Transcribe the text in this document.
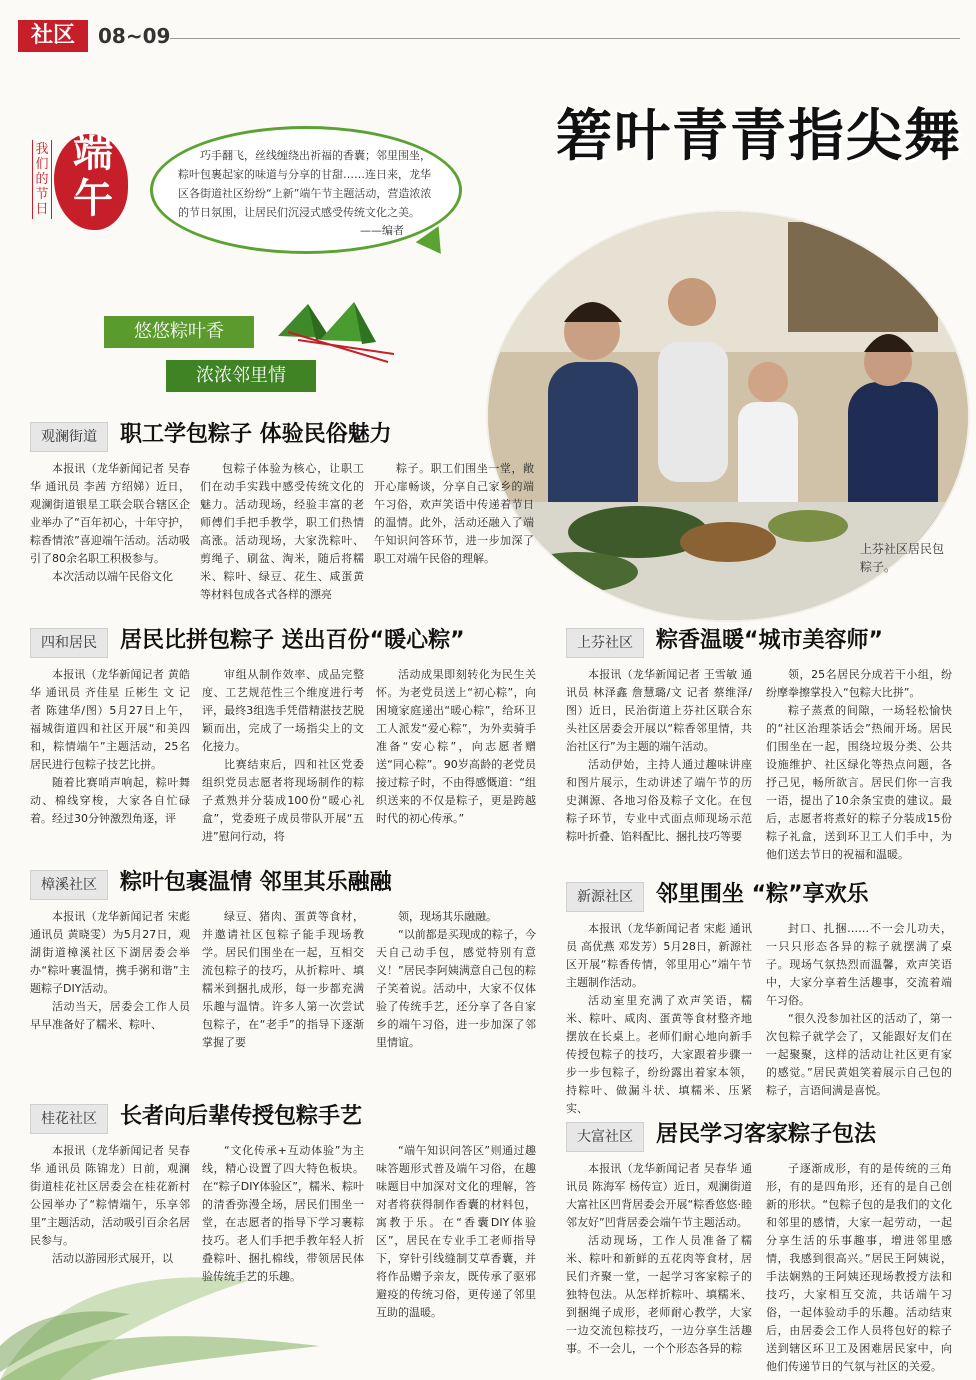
社区	08~09
箬叶青青指尖舞
端午
我们的节日
巧手翻飞，丝线缠绕出祈福的香囊；邻里围坐，粽叶包裹起家的味道与分享的甘甜……连日来，龙华区各街道社区纷纷“上新”端午节主题活动，营造浓浓的节日氛围，让居民们沉浸式感受传统文化之美。
——编者
悠悠粽叶香
浓浓邻里情
上芬社区居民包粽子。
观澜街道	职工学包粽子 体验民俗魅力

本报讯（龙华新闻记者 吴春华 通讯员 李茜 方绍娣）近日，观澜街道银星工联会联合辖区企业举办了“百年初心，十年守护，粽香情浓”喜迎端午活动。活动吸引了80余名职工积极参与。

本次活动以端午民俗文化

包粽子体验为核心，让职工们在动手实践中感受传统文化的魅力。活动现场，经验丰富的老师傅们手把手教学，职工们热情高涨。活动现场，大家洗粽叶、剪绳子、刷盆、淘米，随后将糯米、粽叶、绿豆、花生、咸蛋黄等材料包成各式各样的漂亮

粽子。职工们围坐一堂，敞开心扉畅谈，分享自己家乡的端午习俗，欢声笑语中传递着节日的温情。此外，活动还融入了端午知识问答环节，进一步加深了职工对端午民俗的理解。

四和居民	居民比拼包粽子 送出百份“暖心粽”

本报讯（龙华新闻记者 黄皓华 通讯员 齐佳星 丘彬生 文 记者 陈建华/图）5月27日上午，福城街道四和社区开展“和美四和，粽情端午”主题活动，25名居民进行包粽子技艺比拼。

随着比赛哨声响起，粽叶舞动、棉线穿梭，大家各自忙碌着。经过30分钟激烈角逐，评

审组从制作效率、成品完整度、工艺规范性三个维度进行考评，最终3组选手凭借精湛技艺脱颖而出，完成了一场指尖上的文化接力。

比赛结束后，四和社区党委组织党员志愿者将现场制作的粽子煮熟并分装成100份“暖心礼盒”，党委班子成员带队开展“五进”慰问行动，将

活动成果即刻转化为民生关怀。为老党员送上“初心粽”，向困境家庭递出“暖心粽”，给环卫工人派发“爱心粽”，为外卖骑手准备“安心粽”，向志愿者赠送“同心粽”。90岁高龄的老党员接过粽子时，不由得感慨道：“组织送来的不仅是粽子，更是跨越时代的初心传承。”

上芬社区	粽香温暖“城市美容师”

本报讯（龙华新闻记者 王雪敏 通讯员 林泽鑫 詹慧璐/文 记者 蔡维泽/图）近日，民治街道上芬社区联合东头社区居委会开展以“粽香邻里情，共治社区行”为主题的端午活动。

活动伊始，主持人通过趣味讲座和图片展示，生动讲述了端午节的历史渊源、各地习俗及粽子文化。在包粽子环节，专业中式面点师现场示范粽叶折叠、馅料配比、捆扎技巧等要

领，25名居民分成若干小组，纷纷摩拳擦掌投入“包粽大比拼”。

粽子蒸煮的间隙，一场轻松愉快的“社区治理茶话会”热闹开场。居民们围坐在一起，围绕垃圾分类、公共设施维护、社区绿化等热点问题，各抒己见，畅所欲言。居民们你一言我一语，提出了10余条宝贵的建议。最后，志愿者将煮好的粽子分装成15份粽子礼盒，送到环卫工人们手中，为他们送去节日的祝福和温暖。

樟溪社区	粽叶包裹温情 邻里其乐融融

本报讯（龙华新闻记者 宋彪 通讯员 黄晓雯）为5月27日，观湖街道樟溪社区下湖居委会举办“粽叶裹温情，携手粥和谐”主题粽子DIY活动。

活动当天，居委会工作人员早早准备好了糯米、粽叶、

绿豆、猪肉、蛋黄等食材，并邀请社区包粽子能手现场教学。居民们围坐在一起，互相交流包粽子的技巧，从折粽叶、填糯米到捆扎成形，每一步都充满乐趣与温情。许多人第一次尝试包粽子，在“老手”的指导下逐渐掌握了要

领，现场其乐融融。

“以前都是买现成的粽子，今天自己动手包，感觉特别有意义！”居民李阿姨满意自己包的粽子笑着说。活动中，大家不仅体验了传统手艺，还分享了各自家乡的端午习俗，进一步加深了邻里情谊。

新源社区	邻里围坐 “粽”享欢乐

本报讯（龙华新闻记者 宋彪 通讯员 高优燕 邓发芳）5月28日，新源社区开展“粽香传情，邻里用心”端午节主题制作活动。

活动室里充满了欢声笑语，糯米、粽叶、咸肉、蛋黄等食材整齐地摆放在长桌上。老师们耐心地向新手传授包粽子的技巧，大家跟着步骤一步一步包粽子，纷纷露出着家本领，持粽叶、做漏斗状、填糯米、压紧实、

封口、扎捆……不一会儿功夫，一只只形态各异的粽子就摆满了桌子。现场气氛热烈而温馨，欢声笑语中，大家分享着生活趣事，交流着端午习俗。

“很久没参加社区的活动了，第一次包粽子就学会了，又能跟好友们在一起聚聚，这样的活动让社区更有家的感觉。”居民黄姐笑着展示自己包的粽子，言语间满是喜悦。

桂花社区	长者向后辈传授包粽手艺

本报讯（龙华新闻记者 吴春华 通讯员 陈锦龙）日前，观澜街道桂花社区居委会在桂花新村公园举办了“粽情端午，乐享邻里”主题活动，活动吸引百余名居民参与。

活动以游园形式展开，以

“文化传承+互动体验”为主线，精心设置了四大特色板块。在“粽子DIY体验区”，糯米、粽叶的清香弥漫全场，居民们围坐一堂，在志愿者的指导下学习裹粽技巧。老人们手把手教年轻人折叠粽叶、捆扎棉线，带领居民体验传统手艺的乐趣。

“端午知识问答区”则通过趣味答题形式普及端午习俗，在趣味题目中加深对文化的理解，答对者将获得制作香囊的材料包，寓教于乐。在“香囊DIY体验区”，居民在专业手工老师指导下，穿针引线缝制艾草香囊，并将作品赠予亲友，既传承了驱邪避疫的传统习俗，更传递了邻里互助的温暖。

大富社区	居民学习客家粽子包法

本报讯（龙华新闻记者 吴春华 通讯员 陈海军 杨传宣）近日，观澜街道大富社区凹背居委会开展“粽香悠悠·睦邻友好”凹背居委会端午节主题活动。

活动现场，工作人员准备了糯米、粽叶和新鲜的五花肉等食材，居民们齐聚一堂，一起学习客家粽子的独特包法。从怎样折粽叶、填糯米、到捆绳子成形，老师耐心教学，大家一边交流包粽技巧，一边分享生活趣事。不一会儿，一个个形态各异的粽

子逐渐成形，有的是传统的三角形，有的是四角形，还有的是自己创新的形状。“包粽子包的是我们的文化和邻里的感情，大家一起劳动，一起分享生活的乐事趣事，增进邻里感情，我感到很高兴。”居民王阿姨说，手法娴熟的王阿姨还现场教授方法和技巧，大家相互交流，共话端午习俗，一起体验动手的乐趣。活动结束后，由居委会工作人员将包好的粽子送到辖区环卫工及困难居民家中，向他们传递节日的气氛与社区的关爱。
